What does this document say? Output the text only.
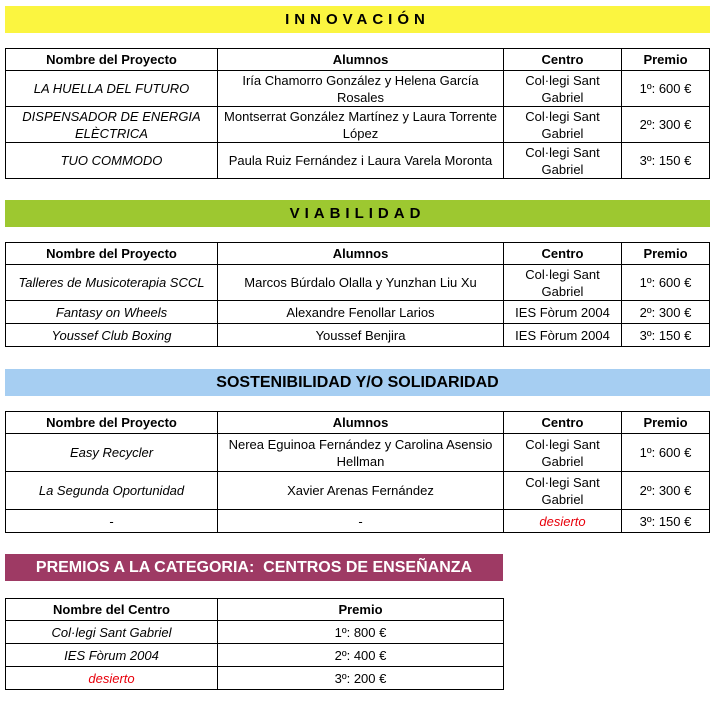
INNOVACIÓN
Nombre del Proyecto	Alumnos	Centro	Premio
LA HUELLA DEL FUTURO	Iría Chamorro González y Helena García Rosales	Col·legi Sant Gabriel	1º: 600 €
DISPENSADOR DE ENERGIA ELÈCTRICA	Montserrat González Martínez y Laura Torrente López	Col·legi Sant Gabriel	2º: 300 €
TUO COMMODO	Paula Ruiz Fernández i Laura Varela Moronta	Col·legi Sant Gabriel	3º: 150 €
VIABILIDAD
Nombre del Proyecto	Alumnos	Centro	Premio
Talleres de Musicoterapia SCCL	Marcos Búrdalo Olalla y Yunzhan Liu Xu	Col·legi Sant Gabriel	1º: 600 €
Fantasy on Wheels	Alexandre Fenollar Larios	IES Fòrum 2004	2º: 300 €
Youssef Club Boxing	Youssef Benjira	IES Fòrum 2004	3º: 150 €
SOSTENIBILIDAD Y/O SOLIDARIDAD
Nombre del Proyecto	Alumnos	Centro	Premio
Easy Recycler	Nerea Eguinoa Fernández y Carolina Asensio Hellman	Col·legi Sant Gabriel	1º: 600 €
La Segunda Oportunidad	Xavier Arenas Fernández	Col·legi Sant Gabriel	2º: 300 €
-	-	desierto	3º: 150 €
PREMIOS A LA CATEGORIA:  CENTROS DE ENSEÑANZA
Nombre del Centro	Premio
Col·legi Sant Gabriel	1º: 800 €
IES Fòrum 2004	2º: 400 €
desierto	3º: 200 €
